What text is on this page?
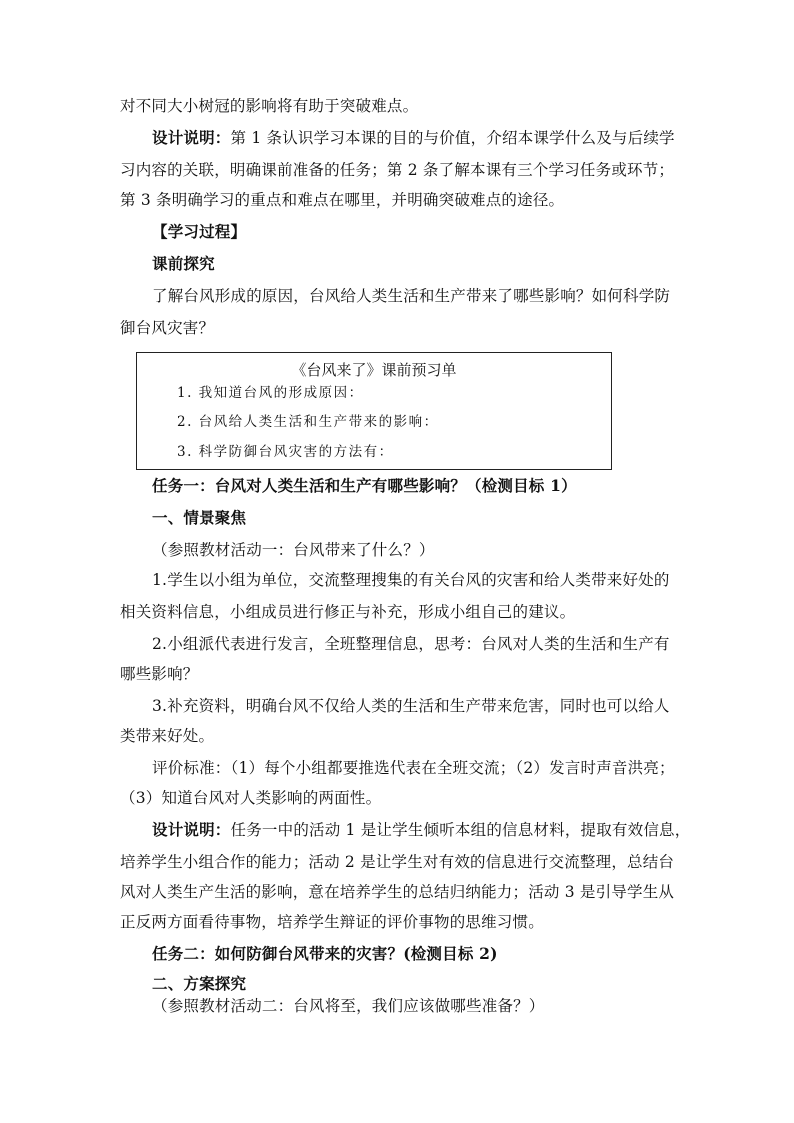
对不同大小树冠的影响将有助于突破难点。
设计说明：第 1 条认识学习本课的目的与价值，介绍本课学什么及与后续学
习内容的关联，明确课前准备的任务；第 2 条了解本课有三个学习任务或环节；
第 3 条明确学习的重点和难点在哪里，并明确突破难点的途径。
【学习过程】
课前探究
了解台风形成的原因，台风给人类生活和生产带来了哪些影响？如何科学防
御台风灾害？
《台风来了》课前预习单
1. 我知道台风的形成原因：
2. 台风给人类生活和生产带来的影响：
3. 科学防御台风灾害的方法有：
任务一：台风对人类生活和生产有哪些影响？（检测目标 1）
一、情景聚焦
（参照教材活动一：台风带来了什么？）
1.学生以小组为单位，交流整理搜集的有关台风的灾害和给人类带来好处的
相关资料信息，小组成员进行修正与补充，形成小组自己的建议。
2.小组派代表进行发言，全班整理信息，思考：台风对人类的生活和生产有
哪些影响？
3.补充资料，明确台风不仅给人类的生活和生产带来危害，同时也可以给人
类带来好处。
评价标准：（1）每个小组都要推选代表在全班交流；（2）发言时声音洪亮；
（3）知道台风对人类影响的两面性。
设计说明：任务一中的活动 1 是让学生倾听本组的信息材料，提取有效信息，
培养学生小组合作的能力；活动 2 是让学生对有效的信息进行交流整理，总结台
风对人类生产生活的影响，意在培养学生的总结归纳能力；活动 3 是引导学生从
正反两方面看待事物，培养学生辩证的评价事物的思维习惯。
任务二：如何防御台风带来的灾害？(检测目标 2)
二、方案探究
（参照教材活动二：台风将至，我们应该做哪些准备？）
